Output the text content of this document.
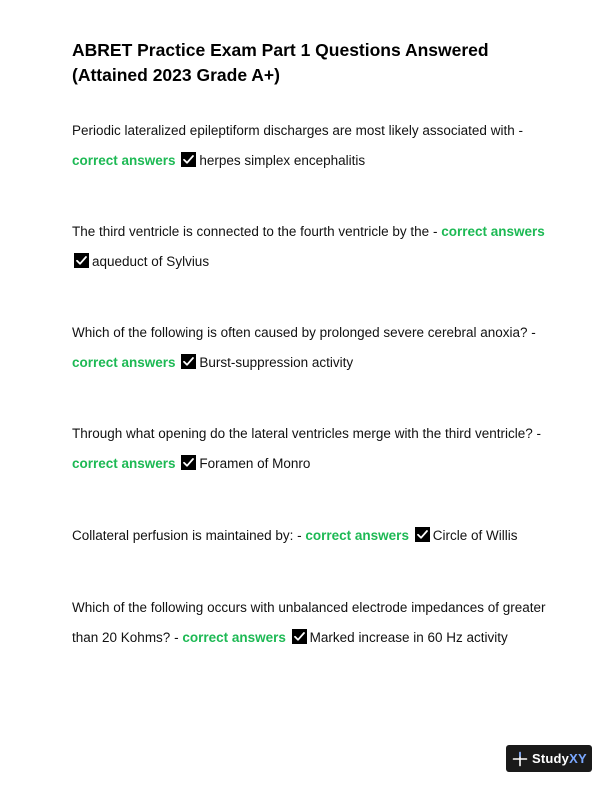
ABRET Practice Exam Part 1 Questions Answered
(Attained 2023 Grade A+)
Periodic lateralized epileptiform discharges are most likely associated with - correct answers herpes simplex encephalitis
The third ventricle is connected to the fourth ventricle by the - correct answers
aqueduct of Sylvius
Which of the following is often caused by prolonged severe cerebral anoxia? - correct answers Burst-suppression activity
Through what opening do the lateral ventricles merge with the third ventricle? - correct answers Foramen of Monro
Collateral perfusion is maintained by: - correct answers Circle of Willis
Which of the following occurs with unbalanced electrode impedances of greater than 20 Kohms? - correct answers Marked increase in 60 Hz activity
StudyXY
